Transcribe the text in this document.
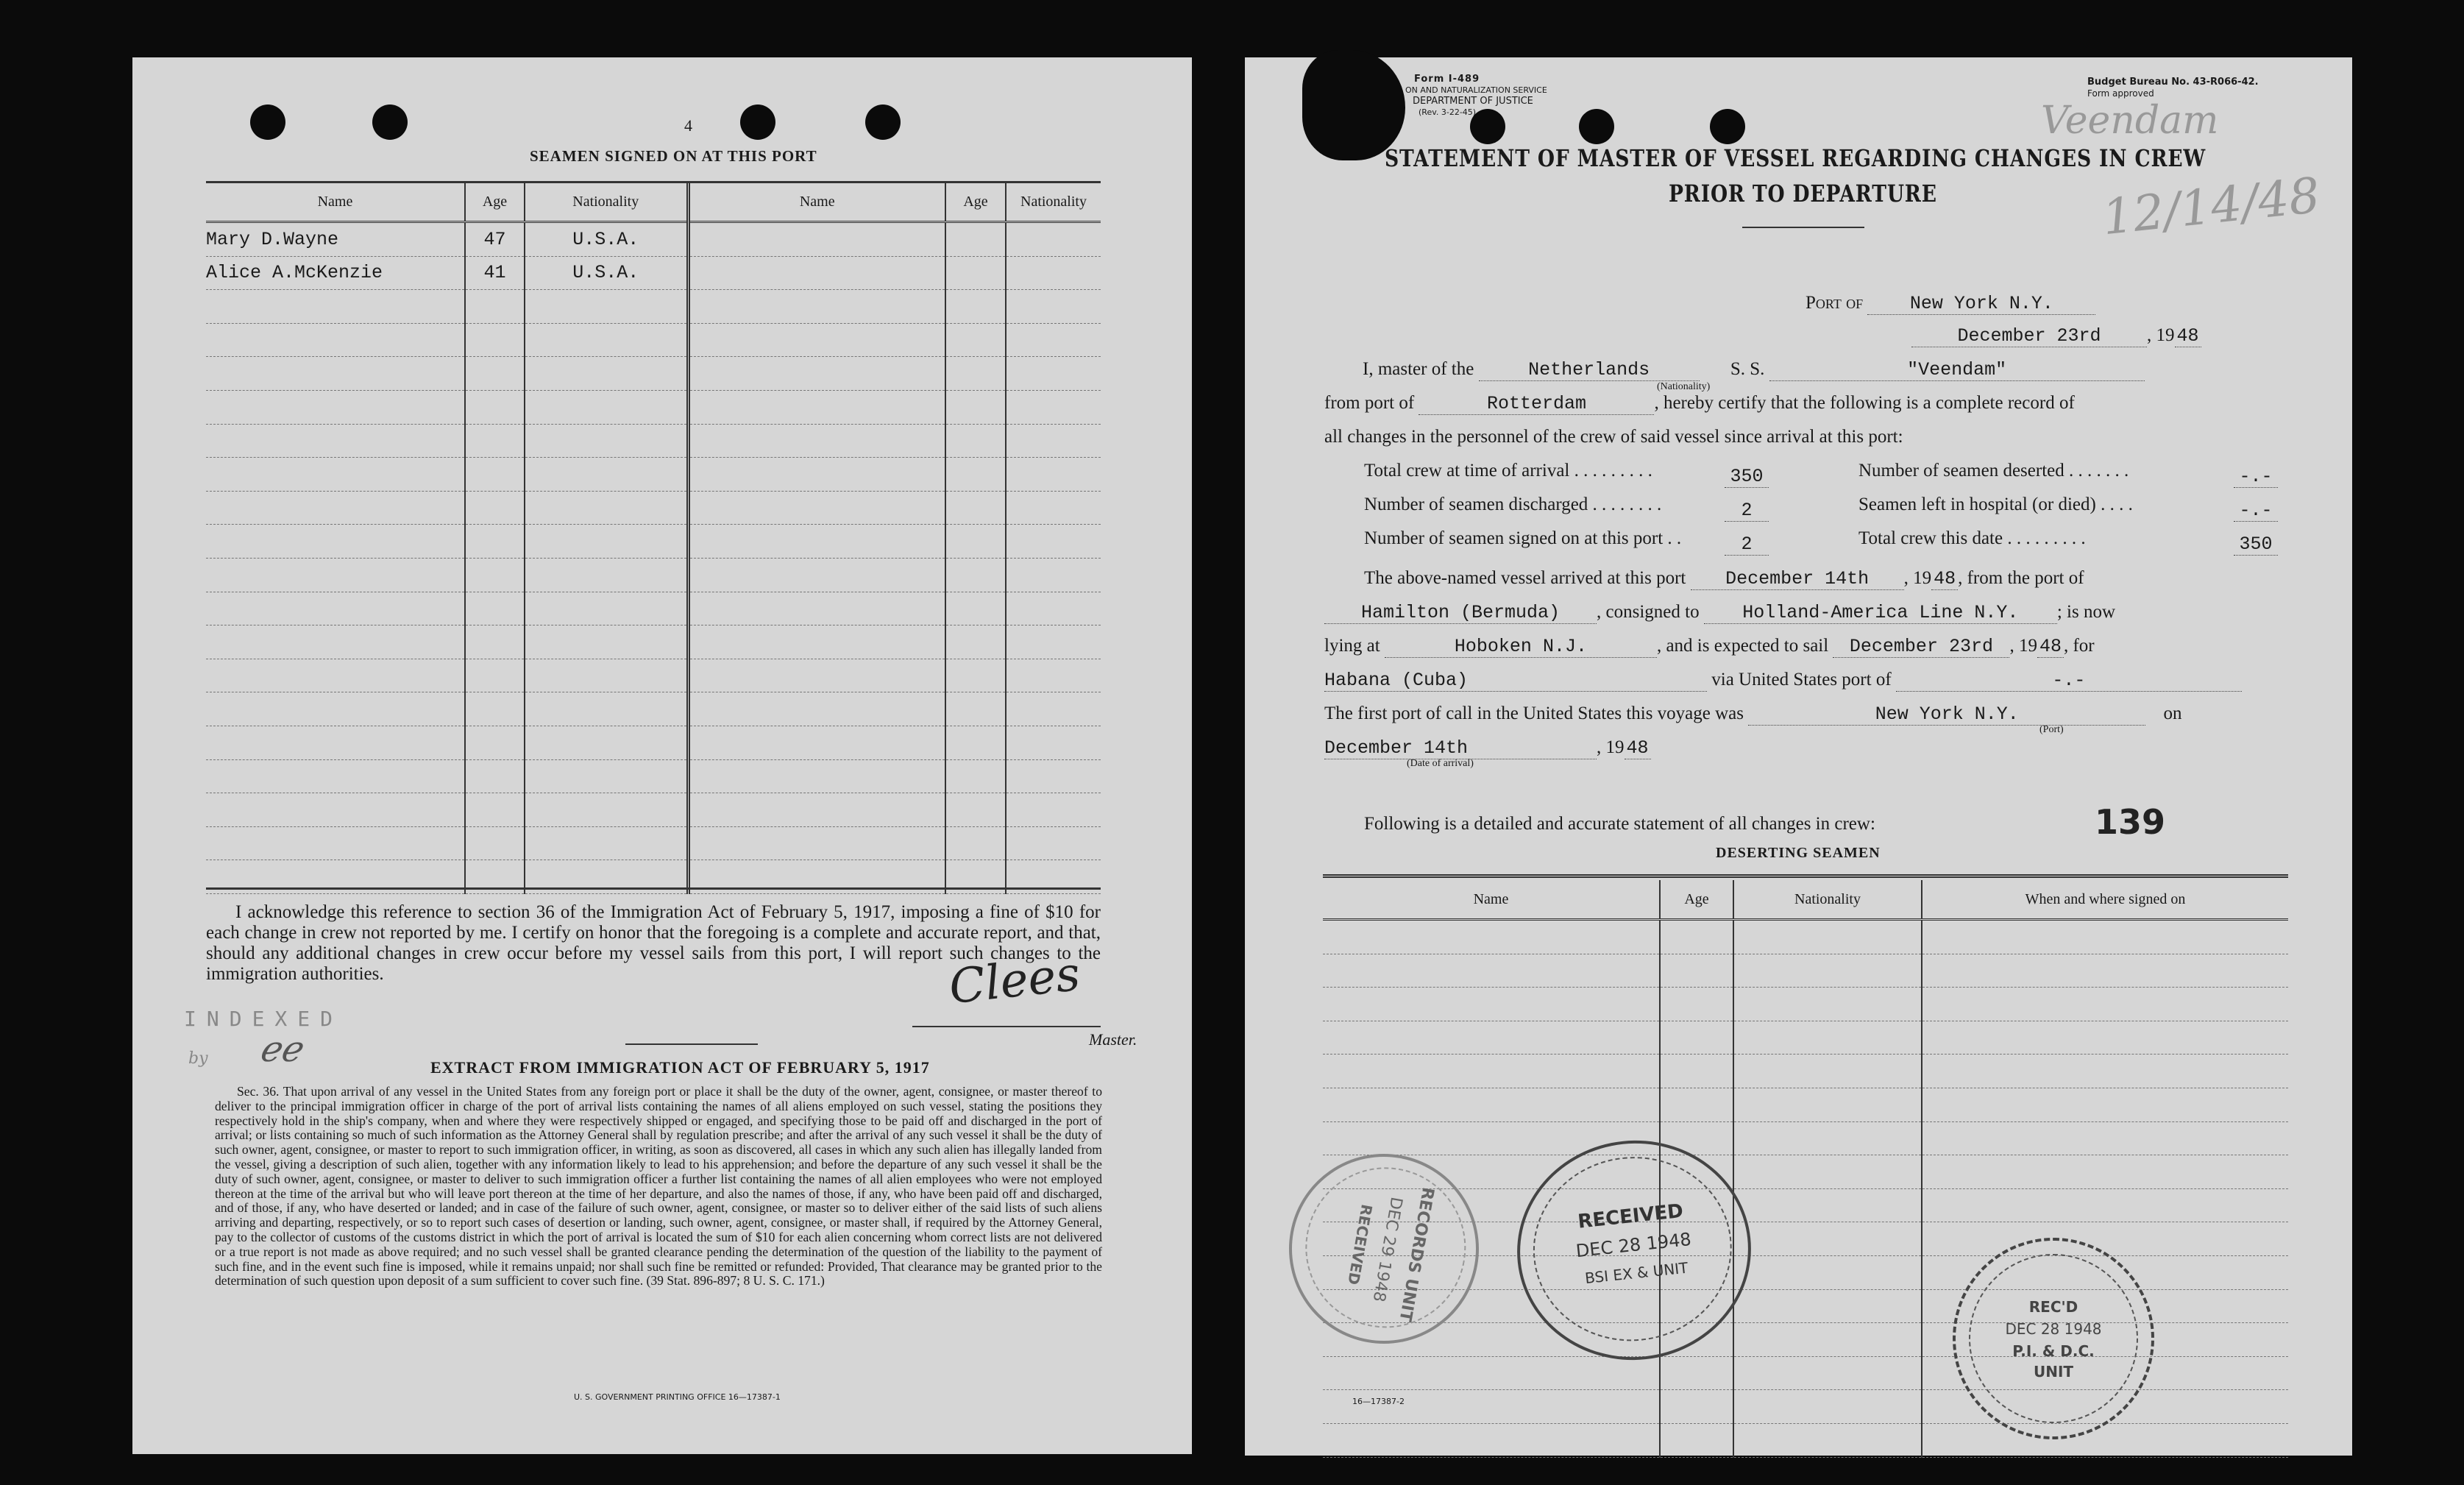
4
SEAMEN SIGNED ON AT THIS PORT
Name	Age	Nationality	Name	Age	Nationality
Mary D.Wayne	47	U.S.A.			
Alice A.McKenzie	41	U.S.A.			

I acknowledge this reference to section 36 of the Immigration Act of February 5, 1917, imposing a fine of $10 for each change in crew not reported by me. I certify on honor that the foregoing is a complete and accurate report, and that, should any additional changes in crew occur before my vessel sails from this port, I will report such changes to the immigration authorities.
INDEXED
by ℯℯ
Clees
Master.
EXTRACT FROM IMMIGRATION ACT OF FEBRUARY 5, 1917
Sec. 36. That upon arrival of any vessel in the United States from any foreign port or place it shall be the duty of the owner, agent, consignee, or master thereof to deliver to the principal immigration officer in charge of the port of arrival lists containing the names of all aliens employed on such vessel, stating the positions they respectively hold in the ship's company, when and where they were respectively shipped or engaged, and specifying those to be paid off and discharged in the port of arrival; or lists containing so much of such information as the Attorney General shall by regulation prescribe; and after the arrival of any such vessel it shall be the duty of such owner, agent, consignee, or master to report to such immigration officer, in writing, as soon as discovered, all cases in which any such alien has illegally landed from the vessel, giving a description of such alien, together with any information likely to lead to his apprehension; and before the departure of any such vessel it shall be the duty of such owner, agent, consignee, or master to deliver to such immigration officer a further list containing the names of all alien employees who were not employed thereon at the time of the arrival but who will leave port thereon at the time of her departure, and also the names of those, if any, who have been paid off and discharged, and of those, if any, who have deserted or landed; and in case of the failure of such owner, agent, consignee, or master so to deliver either of the said lists of such aliens arriving and departing, respectively, or so to report such cases of desertion or landing, such owner, agent, consignee, or master shall, if required by the Attorney General, pay to the collector of customs of the customs district in which the port of arrival is located the sum of $10 for each alien concerning whom correct lists are not delivered or a true report is not made as above required; and no such vessel shall be granted clearance pending the determination of the question of the liability to the payment of such fine, and in the event such fine is imposed, while it remains unpaid; nor shall such fine be remitted or refunded: Provided, That clearance may be granted prior to the determination of such question upon deposit of a sum sufficient to cover such fine. (39 Stat. 896-897; 8 U. S. C. 171.)
U. S. GOVERNMENT PRINTING OFFICE 16—17387-1
Form I-489
ON AND NATURALIZATION SERVICE
DEPARTMENT OF JUSTICE
(Rev. 3-22-45)
Budget Bureau No. 43-R066-42.
Form approved
Veendam
12/14/48
STATEMENT OF MASTER OF VESSEL REGARDING CHANGES IN CREW
PRIOR TO DEPARTURE
Port of	New York N.Y.
December 23rd , 19 48
I, master of the	Netherlands	S. S.	"Veendam"
(Nationality)
from port of	Rotterdam	, hereby certify that the following is a complete record of
all changes in the personnel of the crew of said vessel since arrival at this port:
Total crew at time of arrival . . . . . . . . .	350	Number of seamen deserted . . . . . . .	-.-
Number of seamen discharged . . . . . . . .	2	Seamen left in hospital (or died) . . . .	-.-
Number of seamen signed on at this port . .	2	Total crew this date . . . . . . . . .	350
The above-named vessel arrived at this port December 14th , 19 48 , from the port of
Hamilton (Bermuda) , consigned to Holland-America Line N.Y. ; is now
lying at	Hoboken N.J.	, and is expected to sail December 23rd , 19 48 , for
Habana (Cuba)	via United States port of	-.-
The first port of call in the United States this voyage was	New York N.Y.	on
(Port)
December 14th	, 19 48
(Date of arrival)
Following is a detailed and accurate statement of all changes in crew:	139
DESERTING SEAMEN
Name	Age	Nationality	When and where signed on

RECORDS UNIT
DEC 29 1948
RECEIVED	RECEIVED
DEC 28 1948
BSI EX & UNIT
REC'D
DEC 28 1948
P.I. & D.C.
UNIT
16—17387-2
